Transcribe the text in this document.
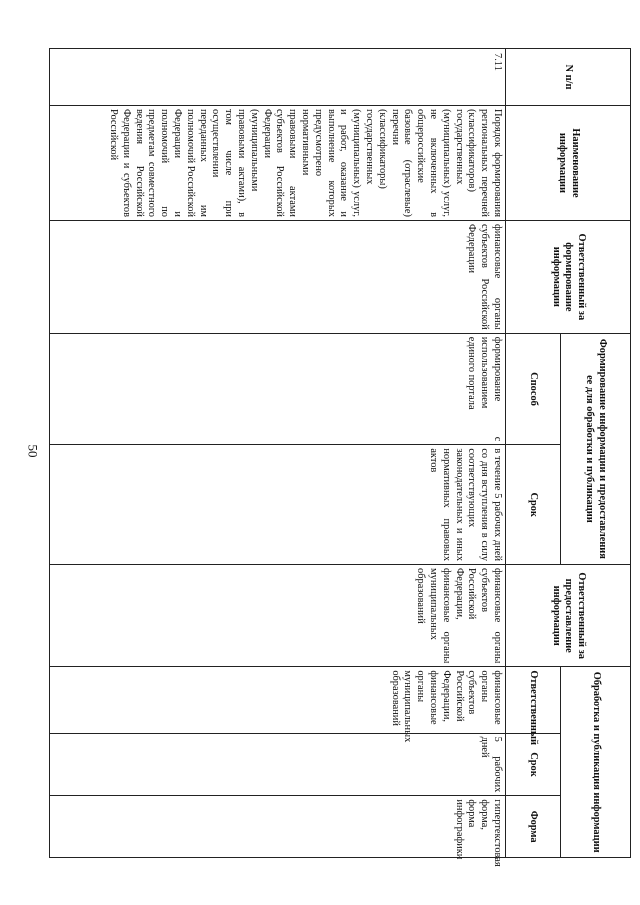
50
N п/п	Наименование информации	Ответственный за формирование информации	Формирование информации и предоставления ее для обработки и публикации		Ответственный за предоставление информации	Обработка и публикация информации		
			Способ	Срок		Ответственный	Срок	Форма
7.11	Порядок формирования региональных перечней (классификаторов) государственных (муниципальных) услуг, не включенных в общероссийские базовые (отраслевые) перечни (классификаторы) государственных (муниципальных) услуг, и работ, оказание и выполнение которых предусмотрено нормативными правовыми актами субъектов Российской Федерации (муниципальными правовыми актами), в том числе при осуществлении переданных им полномочий Российской Федерации и полномочий по предметам совместного ведения Российской Федерации и субъектов Российской	финансовые органы субъектов Российской Федерации	формирование с использованием единого портала	в течение 5 рабочих дней со дня вступления в силу соответствующих законодательных и иных нормативных правовых актов	финансовые органы субъектов Российской Федерации, финансовые органы муниципальных образований	финансовые органы субъектов Российской Федерации, финансовые органы муниципальных образований	5 рабочих дней	гипертекстовая форма, форма инфографики
